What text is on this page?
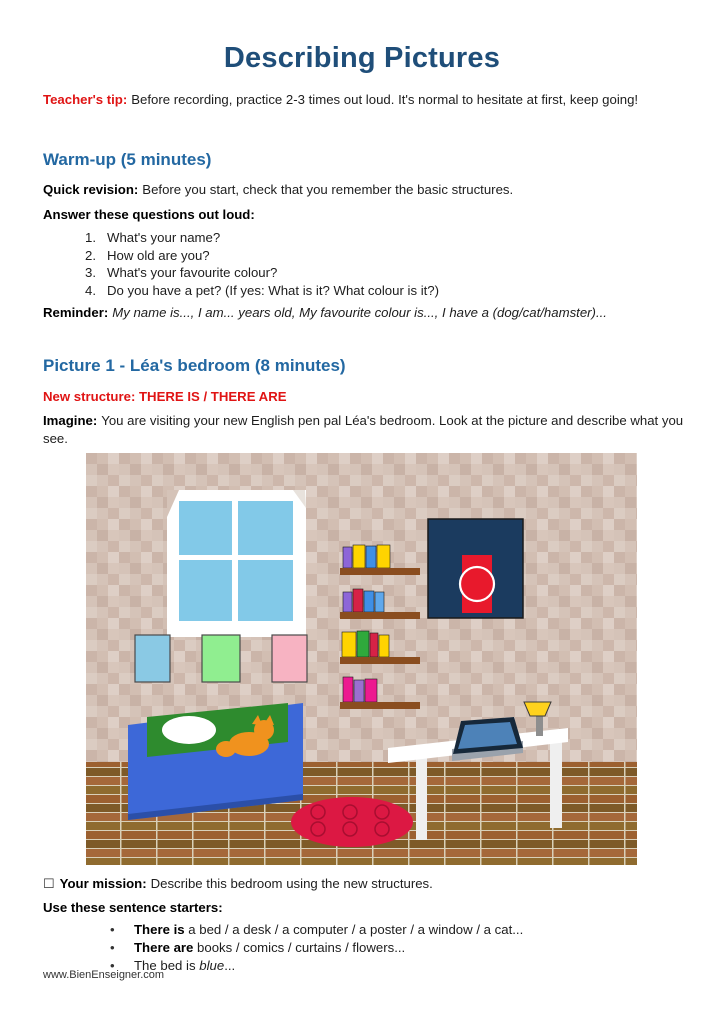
Describing Pictures
Teacher's tip: Before recording, practice 2-3 times out loud. It's normal to hesitate at first, keep going!
Warm-up (5 minutes)
Quick revision: Before you start, check that you remember the basic structures.
Answer these questions out loud:
1. What's your name?
2. How old are you?
3. What's your favourite colour?
4. Do you have a pet? (If yes: What is it? What colour is it?)
Reminder: My name is..., I am... years old, My favourite colour is..., I have a (dog/cat/hamster)...
Picture 1 - Léa's bedroom (8 minutes)
New structure: THERE IS / THERE ARE
Imagine: You are visiting your new English pen pal Léa's bedroom. Look at the picture and describe what you see.
☐ Your mission: Describe this bedroom using the new structures.
Use these sentence starters:
•	There is a bed / a desk / a computer / a poster / a window / a cat...
•	There are books / comics / curtains / flowers...
•	The bed is blue...
www.BienEnseigner.com
